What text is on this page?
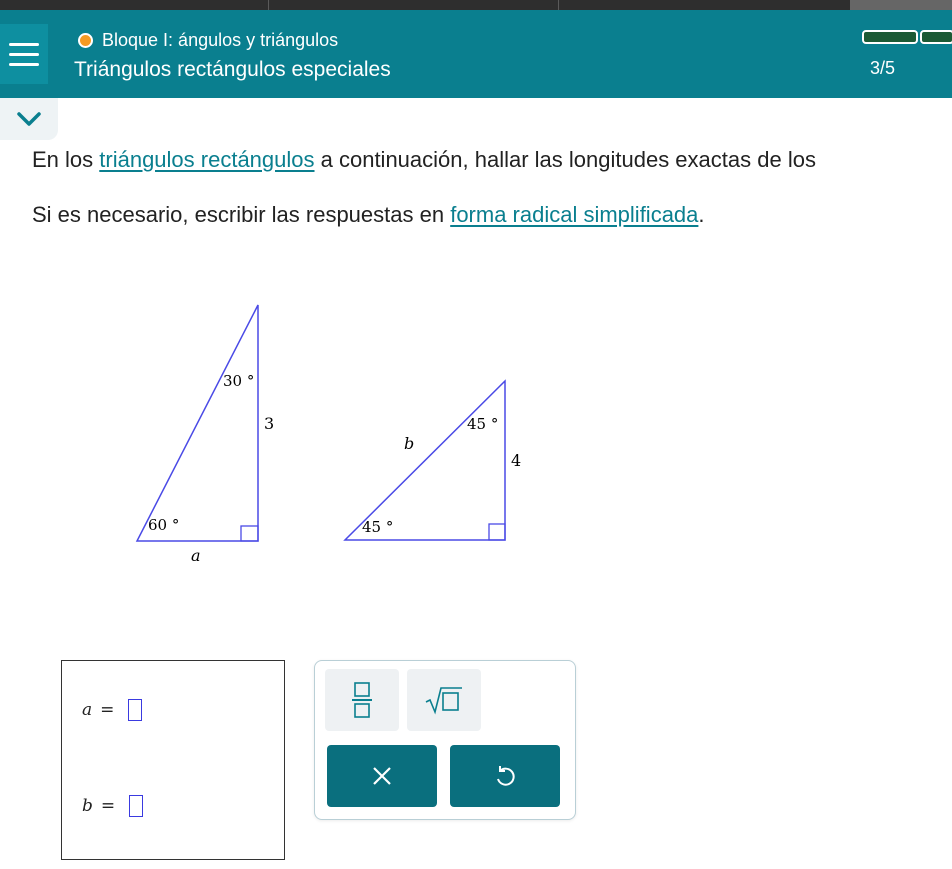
Bloque I: ángulos y triángulos
Triángulos rectángulos especiales	3/5
En los triángulos rectángulos a continuación, hallar las longitudes exactas de los
Si es necesario, escribir las respuestas en forma radical simplificada.
30 °
60 °
3
a
45 °
45 °
4
b
a =
b =
